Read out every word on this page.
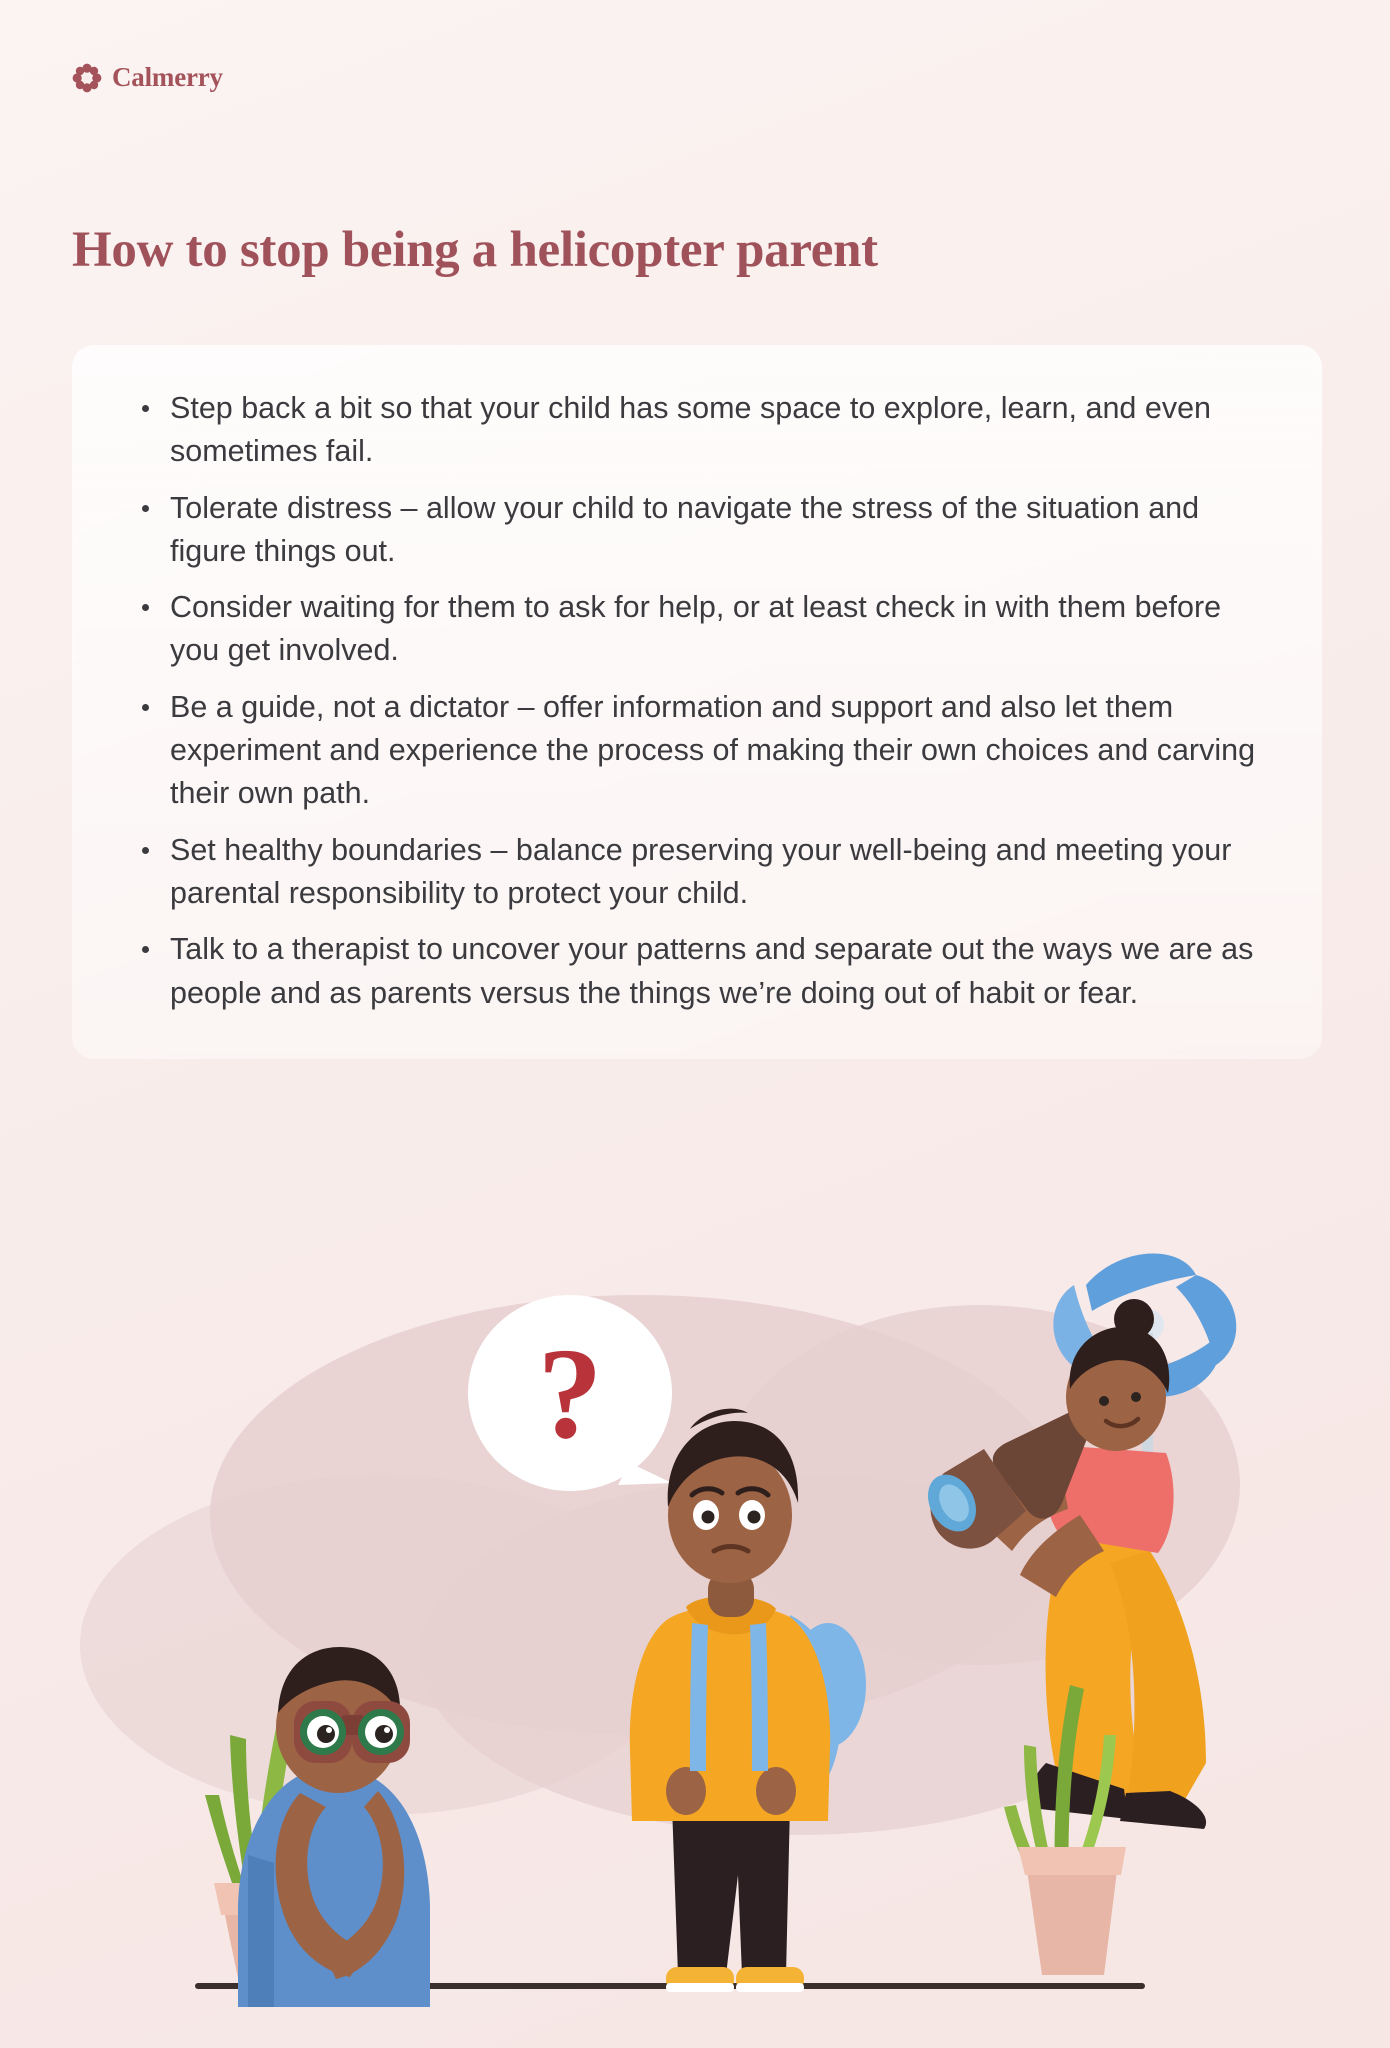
Calmerry
How to stop being a helicopter parent
Step back a bit so that your child has some space to explore, learn, and even sometimes fail.
Tolerate distress – allow your child to navigate the stress of the situation and figure things out.
Consider waiting for them to ask for help, or at least check in with them before you get involved.
Be a guide, not a dictator – offer information and support and also let them experiment and experience the process of making their own choices and carving their own path.
Set healthy boundaries – balance preserving your well-being and meeting your parental responsibility to protect your child.
Talk to a therapist to uncover your patterns and separate out the ways we are as people and as parents versus the things we’re doing out of habit or fear.
?
